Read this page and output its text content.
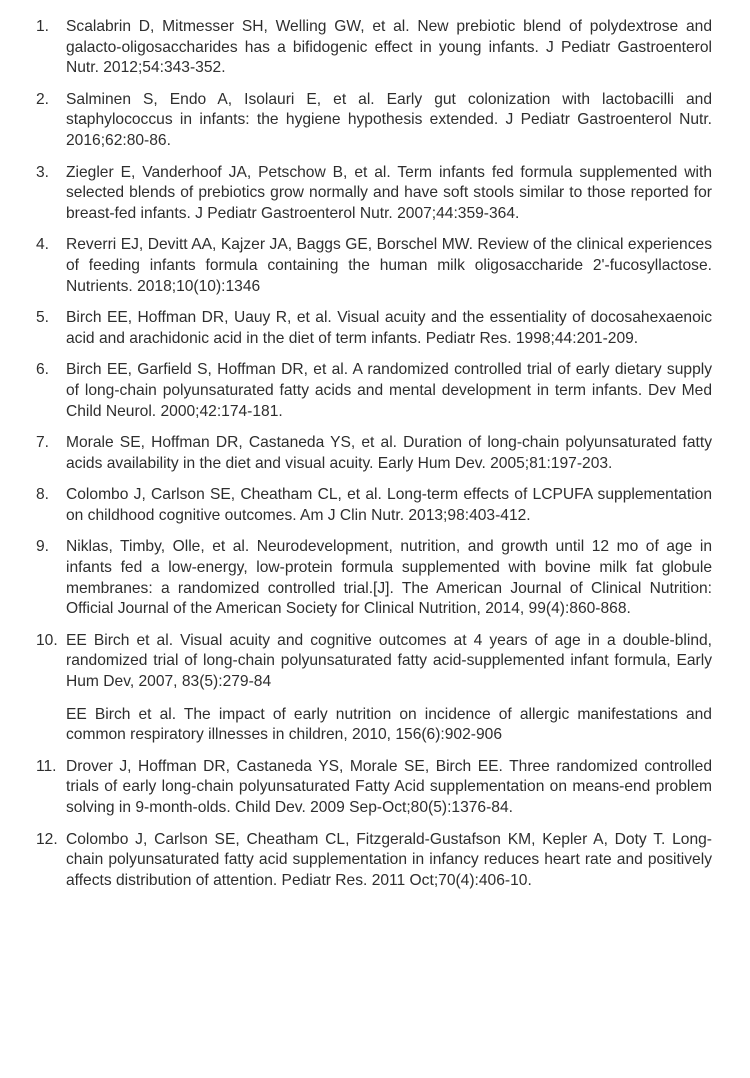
1.	Scalabrin D, Mitmesser SH, Welling GW, et al. New prebiotic blend of polydextrose and galacto-oligosaccharides has a bifidogenic effect in young infants. J Pediatr Gastroenterol Nutr. 2012;54:343-352.
2.	Salminen S, Endo A, Isolauri E, et al. Early gut colonization with lactobacilli and staphylococcus in infants: the hygiene hypothesis extended. J Pediatr Gastroenterol Nutr. 2016;62:80-86.
3.	Ziegler E, Vanderhoof JA, Petschow B, et al. Term infants fed formula supplemented with selected blends of prebiotics grow normally and have soft stools similar to those reported for breast-fed infants. J Pediatr Gastroenterol Nutr. 2007;44:359-364.
4.	Reverri EJ, Devitt AA, Kajzer JA, Baggs GE, Borschel MW. Review of the clinical experiences of feeding infants formula containing the human milk oligosaccharide 2'-fucosyllactose. Nutrients. 2018;10(10):1346
5.	Birch EE, Hoffman DR, Uauy R, et al. Visual acuity and the essentiality of docosahexaenoic acid and arachidonic acid in the diet of term infants. Pediatr Res. 1998;44:201-209.
6.	Birch EE, Garfield S, Hoffman DR, et al. A randomized controlled trial of early dietary supply of long-chain polyunsaturated fatty acids and mental development in term infants. Dev Med Child Neurol. 2000;42:174-181.
7.	Morale SE, Hoffman DR, Castaneda YS, et al. Duration of long-chain polyunsaturated fatty acids availability in the diet and visual acuity. Early Hum Dev. 2005;81:197-203.
8.	Colombo J, Carlson SE, Cheatham CL, et al. Long-term effects of LCPUFA supplementation on childhood cognitive outcomes. Am J Clin Nutr. 2013;98:403-412.
9.	Niklas, Timby, Olle, et al. Neurodevelopment, nutrition, and growth until 12 mo of age in infants fed a low-energy, low-protein formula supplemented with bovine milk fat globule membranes: a randomized controlled trial.[J]. The American Journal of Clinical Nutrition: Official Journal of the American Society for Clinical Nutrition, 2014, 99(4):860-868.
10. EE Birch et al. Visual acuity and cognitive outcomes at 4 years of age in a double-blind, randomized trial of long-chain polyunsaturated fatty acid-supplemented infant formula, Early Hum Dev, 2007, 83(5):279-84
EE Birch et al. The impact of early nutrition on incidence of allergic manifestations and common respiratory illnesses in children, 2010, 156(6):902-906
11. Drover J, Hoffman DR, Castaneda YS, Morale SE, Birch EE. Three randomized controlled trials of early long-chain polyunsaturated Fatty Acid supplementation on means-end problem solving in 9-month-olds. Child Dev. 2009 Sep-Oct;80(5):1376-84.
12. Colombo J, Carlson SE, Cheatham CL, Fitzgerald-Gustafson KM, Kepler A, Doty T. Long-chain polyunsaturated fatty acid supplementation in infancy reduces heart rate and positively affects distribution of attention. Pediatr Res. 2011 Oct;70(4):406-10.
